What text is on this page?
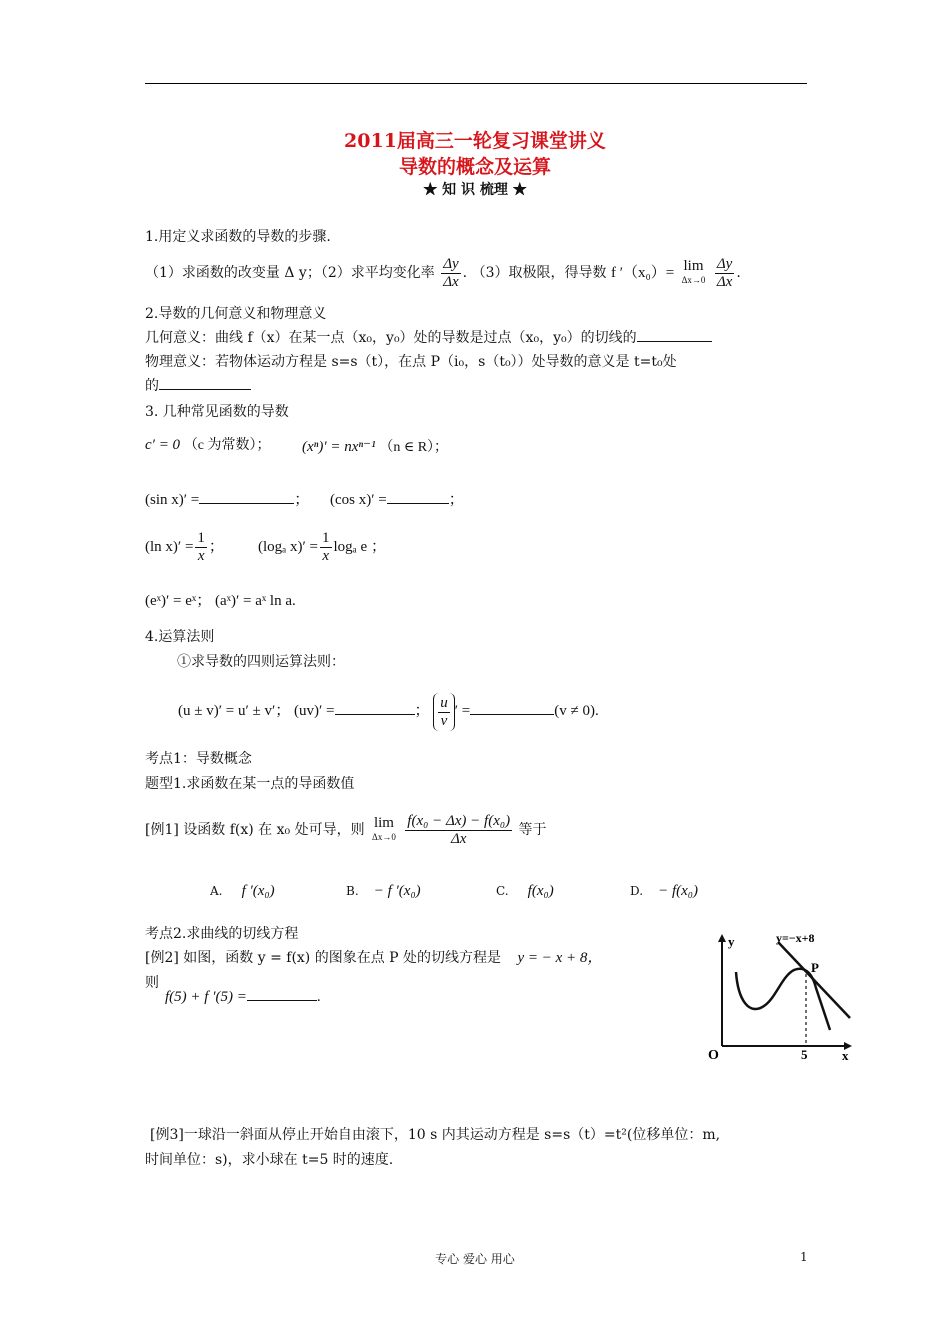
2011届高三一轮复习课堂讲义
导数的概念及运算
★ 知 识 梳理 ★
1.用定义求函数的导数的步骤.
（1）求函数的改变量 Δ y；（2）求平均变化率 $\frac{\Delta y}{\Delta x}$ . （3）取极限，得导数 f ′（x₀）= lim
Δx→0
$\frac{\Delta y}{\Delta x}$ .
2.导数的几何意义和物理意义
几何意义：曲线 f（x）在某一点（x₀，y₀）处的导数是过点（x₀，y₀）的切线的
物理意义：若物体运动方程是 s=s（t），在点 P（i₀，s（t₀））处导数的意义是 t=t₀处
的
3. 几种常见函数的导数
c′ = 0 （c 为常数）； (xⁿ)′ = nxⁿ⁻¹ （n ∈ R）；
(sin x)′ =	； (cos x)′ =	；
(ln $x)' = \frac{1}{x}$ ； (logₐ $x)' = \frac{1}{x}$ logₐ e ；
(eˣ)′ = eˣ； (aˣ)′ = aˣ ln a.
4.运算法则
①求导数的四则运算法则：
(u ± v)′ = u′ ± v′； (uv)′ =	； $\frac{u}{v}$ ′ =	(v ≠ 0).
考点1：导数概念
题型1.求函数在某一点的导函数值
[例1] 设函数 f(x) 在 x₀ 处可导，则 lim
Δx→0
$\frac{\text{f(x₀ − Δx) − f(x₀)}}{\Delta x}$ 等于
A. f ′(x₀)	B. − f ′(x₀)	C. f(x₀)	D. − f(x₀)
考点2.求曲线的切线方程
[例2] 如图，函数 y = f(x) 的图象在点 P 处的切线方程是 y = − x + 8，
则
f(5) + f ′(5) =	.
y
x
O	5
y=−x+8
P
[例3]一球沿一斜面从停止开始自由滚下，10 s 内其运动方程是 s=s（t）=t²(位移单位：m,
时间单位：s)，求小球在 t=5 时的速度.
专心 爱心 用心	1
